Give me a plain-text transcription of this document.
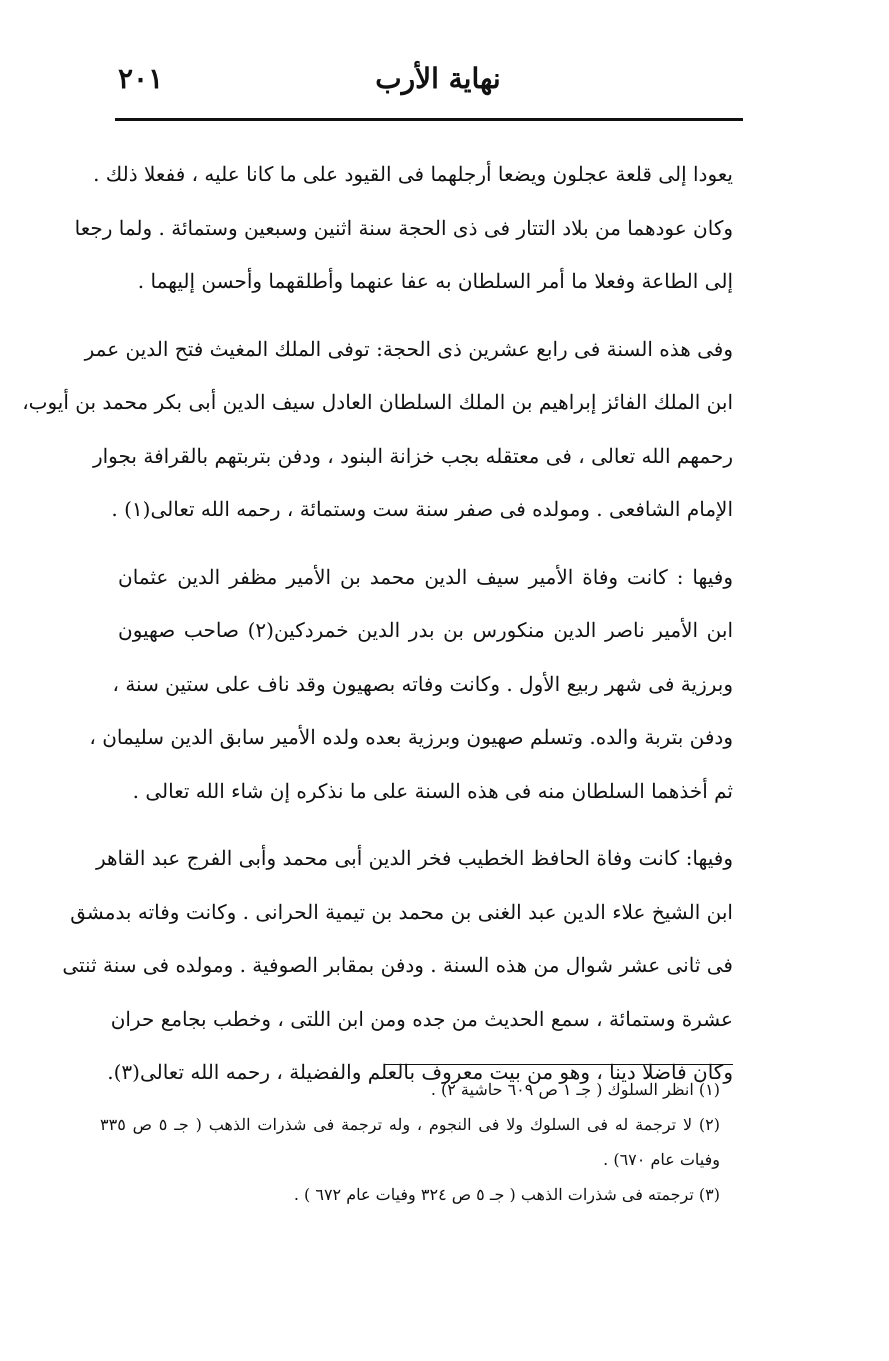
٢٠١	نهاية الأرب
يعودا إلى قلعة عجلون ويضعا أرجلهما فى القيود على ما كانا عليه ، ففعلا ذلك .
وكان عودهما من بلاد التتار فى ذى الحجة سنة اثنين وسبعين وستمائة . ولما رجعا
إلى الطاعة وفعلا ما أمر السلطان به عفا عنهما وأطلقهما وأحسن إليهما .
وفى هذه السنة فى رابع عشرين ذى الحجة: توفى الملك المغيث فتح الدين عمر
ابن الملك الفائز إبراهيم بن الملك السلطان العادل سيف الدين أبى بكر محمد بن أيوب،
رحمهم الله تعالى ، فى معتقله بجب خزانة البنود ، ودفن بتربتهم بالقرافة بجوار
الإمام الشافعى . ومولده فى صفر سنة ست وستمائة ، رحمه الله تعالى(١) .
وفيها : كانت وفاة الأمير سيف الدين محمد بن الأمير مظفر الدين عثمان
ابن الأمير ناصر الدين منكورس بن بدر الدين خمردكين(٢) صاحب صهيون
وبرزية فى شهر ربيع الأول . وكانت وفاته بصهيون وقد ناف على ستين سنة ،
ودفن بتربة والده. وتسلم صهيون وبرزية بعده ولده الأمير سابق الدين سليمان ،
ثم أخذهما السلطان منه فى هذه السنة على ما نذكره إن شاء الله تعالى .
وفيها: كانت وفاة الحافظ الخطيب فخر الدين أبى محمد وأبى الفرج عبد القاهر
ابن الشيخ علاء الدين عبد الغنى بن محمد بن تيمية الحرانى . وكانت وفاته بدمشق
فى ثانى عشر شوال من هذه السنة . ودفن بمقابر الصوفية . ومولده فى سنة ثنتى
عشرة وستمائة ، سمع الحديث من جده ومن ابن اللتى ، وخطب بجامع حران
وكان فاضلا دينا ، وهو من بيت معروف بالعلم والفضيلة ، رحمه الله تعالى(٣).
(١) انظر السلوك ( جـ ١ ص ٦٠٩ حاشية ٢) .
(٢) لا ترجمة له فى السلوك ولا فى النجوم ، وله ترجمة فى شذرات الذهب ( جـ ٥ ص ٣٣٥
وفيات عام ٦٧٠) .
(٣) ترجمته فى شذرات الذهب ( جـ ٥ ص ٣٢٤ وفيات عام ٦٧٢ ) .
